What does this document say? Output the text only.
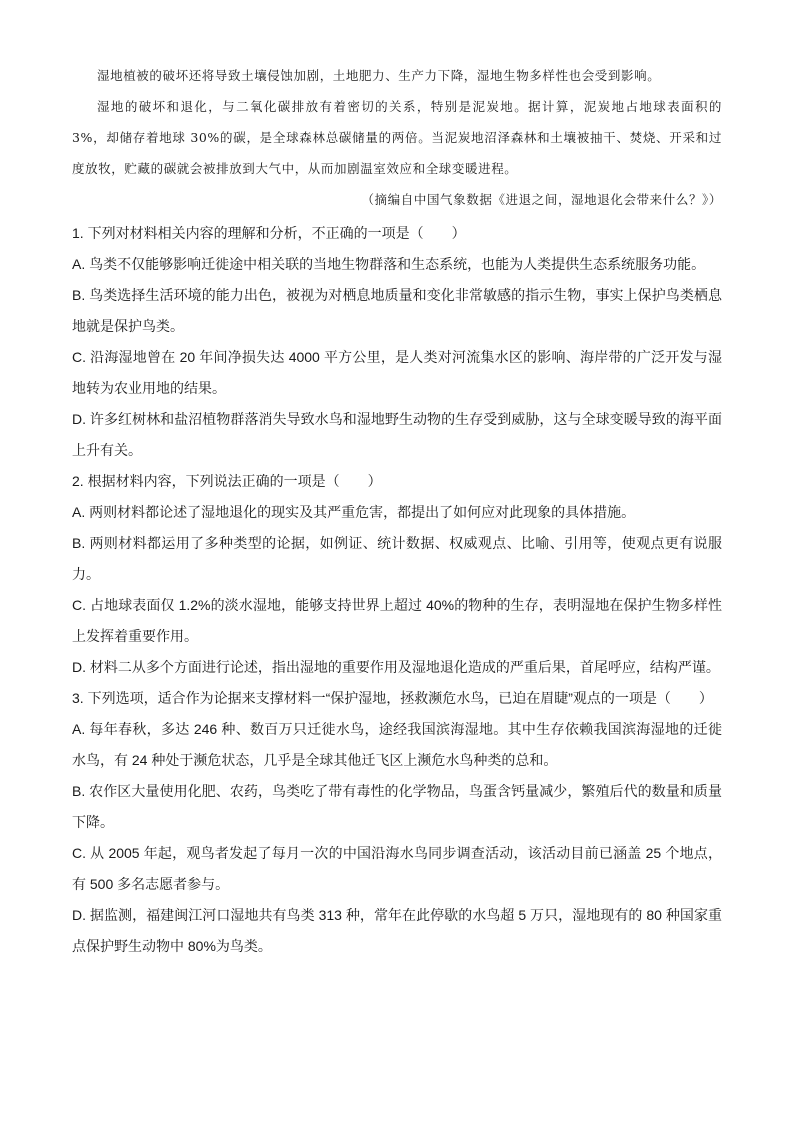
湿地植被的破坏还将导致土壤侵蚀加剧，土地肥力、生产力下降，湿地生物多样性也会受到影响。

湿地的破坏和退化，与二氧化碳排放有着密切的关系，特别是泥炭地。据计算，泥炭地占地球表面积的 3%，却储存着地球 30%的碳，是全球森林总碳储量的两倍。当泥炭地沼泽森林和土壤被抽干、焚烧、开采和过度放牧，贮藏的碳就会被排放到大气中，从而加剧温室效应和全球变暖进程。

（摘编自中国气象数据《进退之间，湿地退化会带来什么？》）

1. 下列对材料相关内容的理解和分析，不正确的一项是（　　）

A. 鸟类不仅能够影响迁徙途中相关联的当地生物群落和生态系统，也能为人类提供生态系统服务功能。

B. 鸟类选择生活环境的能力出色，被视为对栖息地质量和变化非常敏感的指示生物，事实上保护鸟类栖息地就是保护鸟类。

C. 沿海湿地曾在 20 年间净损失达 4000 平方公里，是人类对河流集水区的影响、海岸带的广泛开发与湿地转为农业用地的结果。

D. 许多红树林和盐沼植物群落消失导致水鸟和湿地野生动物的生存受到威胁，这与全球变暖导致的海平面上升有关。

2. 根据材料内容，下列说法正确的一项是（　　）

A. 两则材料都论述了湿地退化的现实及其严重危害，都提出了如何应对此现象的具体措施。

B. 两则材料都运用了多种类型的论据，如例证、统计数据、权威观点、比喻、引用等，使观点更有说服力。

C. 占地球表面仅 1.2%的淡水湿地，能够支持世界上超过 40%的物种的生存，表明湿地在保护生物多样性上发挥着重要作用。

D. 材料二从多个方面进行论述，指出湿地的重要作用及湿地退化造成的严重后果，首尾呼应，结构严谨。

3. 下列选项，适合作为论据来支撑材料一“保护湿地，拯救濒危水鸟，已迫在眉睫”观点的一项是（　　）

A. 每年春秋，多达 246 种、数百万只迁徙水鸟，途经我国滨海湿地。其中生存依赖我国滨海湿地的迁徙水鸟，有 24 种处于濒危状态，几乎是全球其他迁飞区上濒危水鸟种类的总和。

B. 农作区大量使用化肥、农药，鸟类吃了带有毒性的化学物品，鸟蛋含钙量减少，繁殖后代的数量和质量下降。

C. 从 2005 年起，观鸟者发起了每月一次的中国沿海水鸟同步调查活动，该活动目前已涵盖 25 个地点，有 500 多名志愿者参与。

D. 据监测，福建闽江河口湿地共有鸟类 313 种，常年在此停歇的水鸟超 5 万只，湿地现有的 80 种国家重点保护野生动物中 80%为鸟类。
